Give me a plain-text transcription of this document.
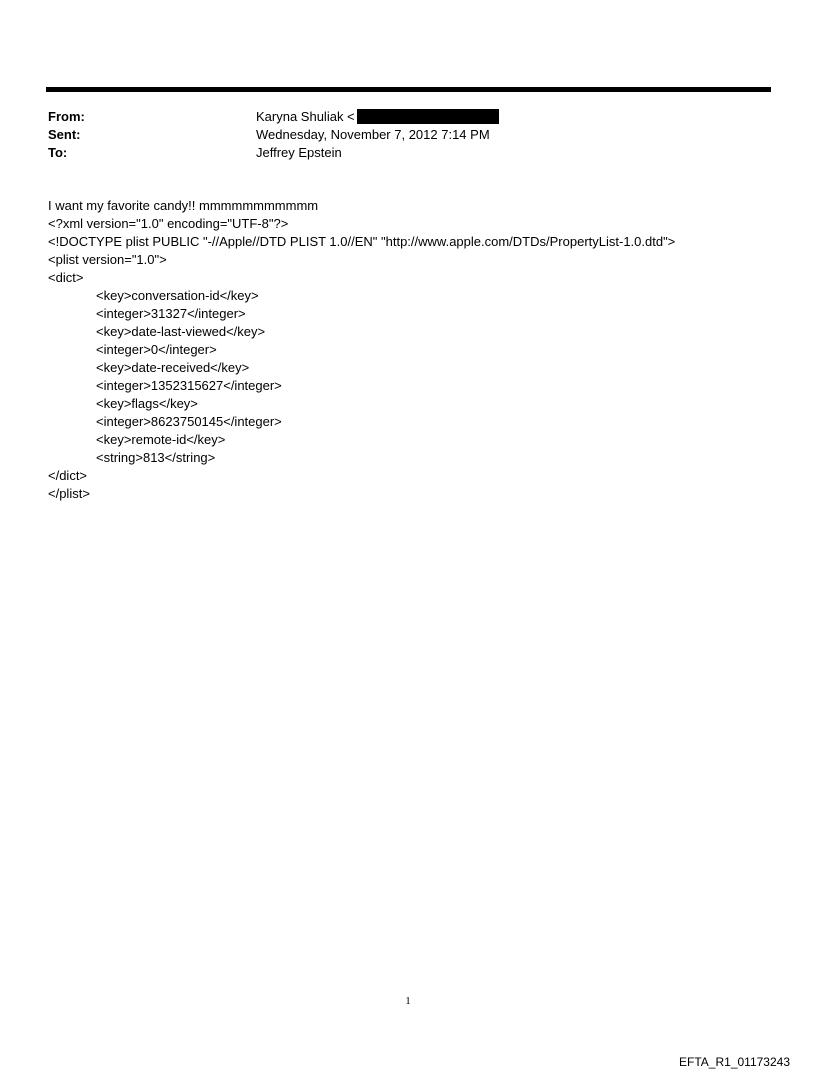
From:	Karyna Shuliak <
Sent:	Wednesday, November 7, 2012 7:14 PM
To:	Jeffrey Epstein
I want my favorite candy!! mmmmmmmmmmm
<?xml version="1.0" encoding="UTF-8"?>
<!DOCTYPE plist PUBLIC "-//Apple//DTD PLIST 1.0//EN" "http://www.apple.com/DTDs/PropertyList-1.0.dtd">
<plist version="1.0">
<dict>
<key>conversation-id</key>
<integer>31327</integer>
<key>date-last-viewed</key>
<integer>0</integer>
<key>date-received</key>
<integer>1352315627</integer>
<key>flags</key>
<integer>8623750145</integer>
<key>remote-id</key>
<string>813</string>
</dict>
</plist>
1
EFTA_R1_01173243
